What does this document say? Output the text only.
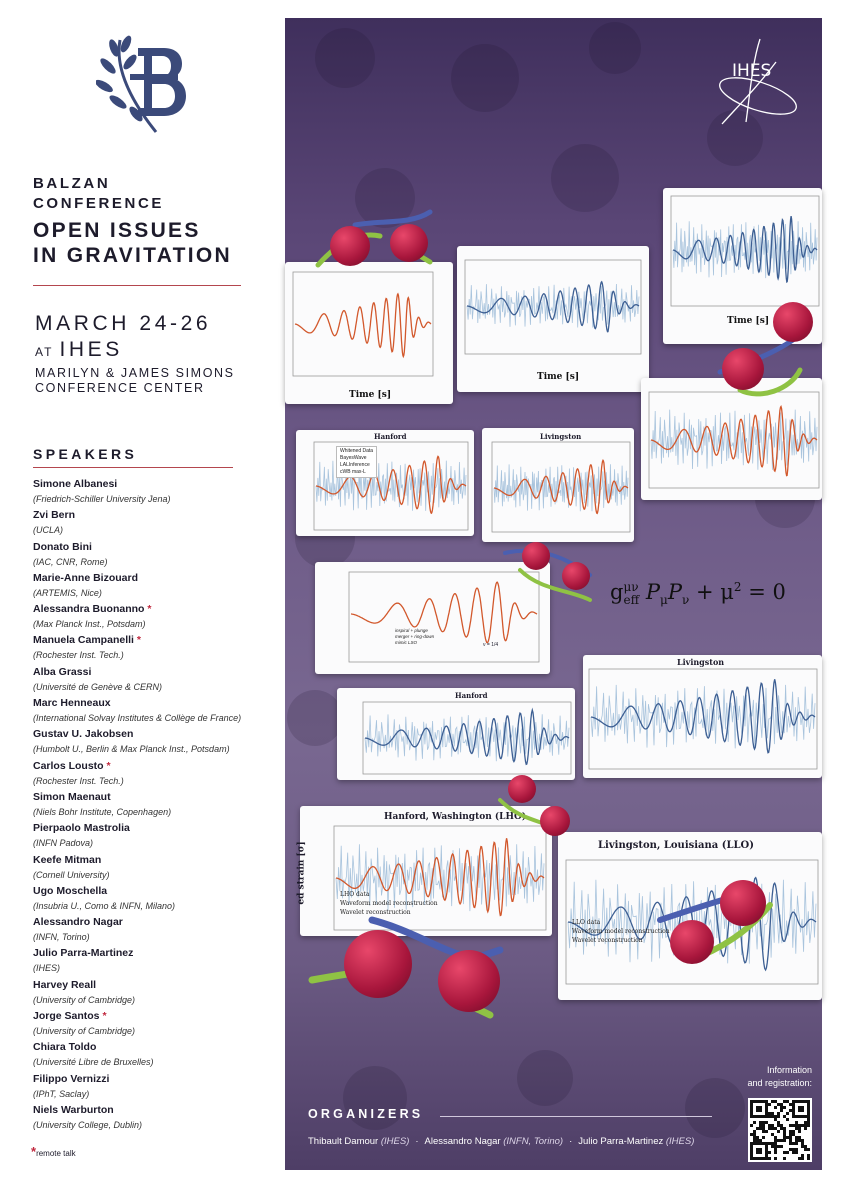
BALZAN
CONFERENCE
OPEN ISSUES
IN GRAVITATION
MARCH 24-26
AT IHES
MARILYN & JAMES SIMONS
CONFERENCE CENTER
SPEAKERS
Simone Albanesi
(Friedrich-Schiller University Jena)
Zvi Bern
(UCLA)
Donato Bini
(IAC, CNR, Rome)
Marie-Anne Bizouard
(ARTEMIS, Nice)
Alessandra Buonanno *
(Max Planck Inst., Potsdam)
Manuela Campanelli *
(Rochester Inst. Tech.)
Alba Grassi
(Université de Genève & CERN)
Marc Henneaux
(International Solvay Institutes & Collège de France)
Gustav U. Jakobsen
(Humbolt U., Berlin & Max Planck Inst., Potsdam)
Carlos Lousto *
(Rochester Inst. Tech.)
Simon Maenaut
(Niels Bohr Institute, Copenhagen)
Pierpaolo Mastrolia
(INFN Padova)
Keefe Mitman
(Cornell University)
Ugo Moschella
(Insubria U., Como & INFN, Milano)
Alessandro Nagar
(INFN, Torino)
Julio Parra-Martinez
(IHES)
Harvey Reall
(University of Cambridge)
Jorge Santos *
(University of Cambridge)
Chiara Toldo
(Université Libre de Bruxelles)
Filippo Vernizzi
(IPhT, Saclay)
Niels Warburton
(University College, Dublin)
*remote talk
IHES
Time [s]
Time [s]
Time [s]
Hanford
Whitened Data
BayesWave
LALInference
cWB max-L
Livingston
inspiral + plunge
merger + ring-down
mimic LSO	ν = 1/4
$g^{\mu\nu}_{eff}$ $P_\mu P_\nu + \mu^2 = 0$
Livingston
Hanford
Hanford, Washington (LHO)
ed strain [σ]	LHO data
Waveform model reconstruction
Wavelet reconstruction
Livingston, Louisiana (LLO)
LLO data
Waveform model reconstruction
Wavelet reconstruction
ORGANIZERS
Thibault Damour (IHES) · Alessandro Nagar (INFN, Torino) · Julio Parra-Martinez (IHES)
Information
and registration:
